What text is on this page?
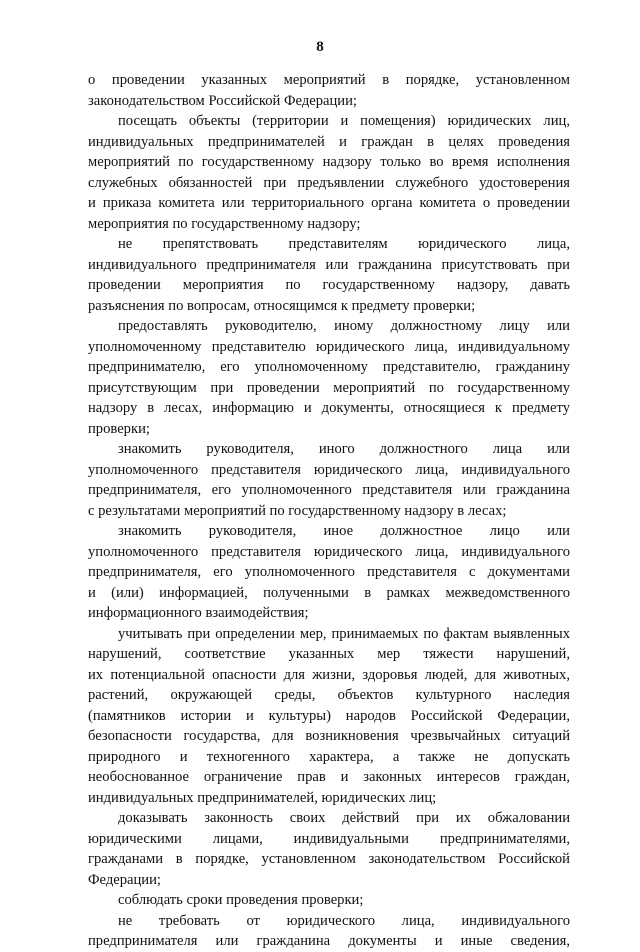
8

о проведении указанных мероприятий в порядке, установленном
законодательством Российской Федерации;

посещать объекты (территории и помещения) юридических лиц,
индивидуальных предпринимателей и граждан в целях проведения
мероприятий по государственному надзору только во время исполнения
служебных обязанностей при предъявлении служебного удостоверения
и приказа комитета или территориального органа комитета о проведении
мероприятия по государственному надзору;

не препятствовать представителям юридического лица,
индивидуального предпринимателя или гражданина присутствовать при
проведении мероприятия по государственному надзору, давать
разъяснения по вопросам, относящимся к предмету проверки;

предоставлять руководителю, иному должностному лицу или
уполномоченному представителю юридического лица, индивидуальному
предпринимателю, его уполномоченному представителю, гражданину
присутствующим при проведении мероприятий по государственному
надзору в лесах, информацию и документы, относящиеся к предмету
проверки;

знакомить руководителя, иного должностного лица или
уполномоченного представителя юридического лица, индивидуального
предпринимателя, его уполномоченного представителя или гражданина
с результатами мероприятий по государственному надзору в лесах;

знакомить руководителя, иное должностное лицо или
уполномоченного представителя юридического лица, индивидуального
предпринимателя, его уполномоченного представителя с документами
и (или) информацией, полученными в рамках межведомственного
информационного взаимодействия;

учитывать при определении мер, принимаемых по фактам выявленных
нарушений, соответствие указанных мер тяжести нарушений,
их потенциальной опасности для жизни, здоровья людей, для животных,
растений, окружающей среды, объектов культурного наследия
(памятников истории и культуры) народов Российской Федерации,
безопасности государства, для возникновения чрезвычайных ситуаций
природного и техногенного характера, а также не допускать
необоснованное ограничение прав и законных интересов граждан,
индивидуальных предпринимателей, юридических лиц;

доказывать законность своих действий при их обжаловании
юридическими лицами, индивидуальными предпринимателями,
гражданами в порядке, установленном законодательством Российской
Федерации;

соблюдать сроки проведения проверки;

не требовать от юридического лица, индивидуального
предпринимателя или гражданина документы и иные сведения,
